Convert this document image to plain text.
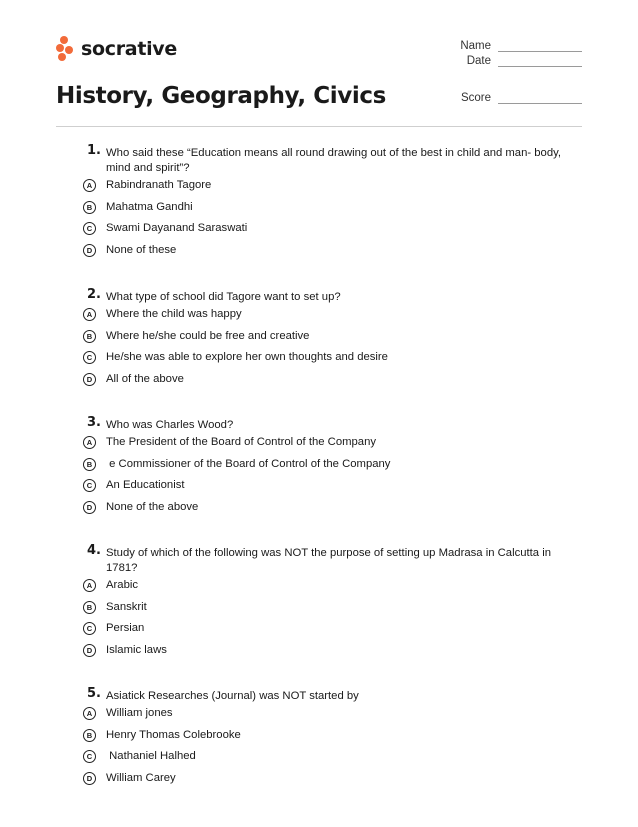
socrative	Name
Date
Score
History, Geography, Civics
1. Who said these “Education means all round drawing out of the best in child and man- body, mind and spirit”?
A	Rabindranath Tagore
B	Mahatma Gandhi
C	Swami Dayanand Saraswati
D	None of these
2. What type of school did Tagore want to set up?
A	Where the child was happy
B	Where he/she could be free and creative
C	He/she was able to explore her own thoughts and desire
D	All of the above
3. Who was Charles Wood?
A	The President of the Board of Control of the Company
B	e Commissioner of the Board of Control of the Company
C	An Educationist
D	None of the above
4. Study of which of the following was NOT the purpose of setting up Madrasa in Calcutta in 1781?
A	Arabic
B	Sanskrit
C	Persian
D	Islamic laws
5. Asiatick Researches (Journal) was NOT started by
A	William jones
B	Henry Thomas Colebrooke
C	Nathaniel Halhed
D	William Carey
